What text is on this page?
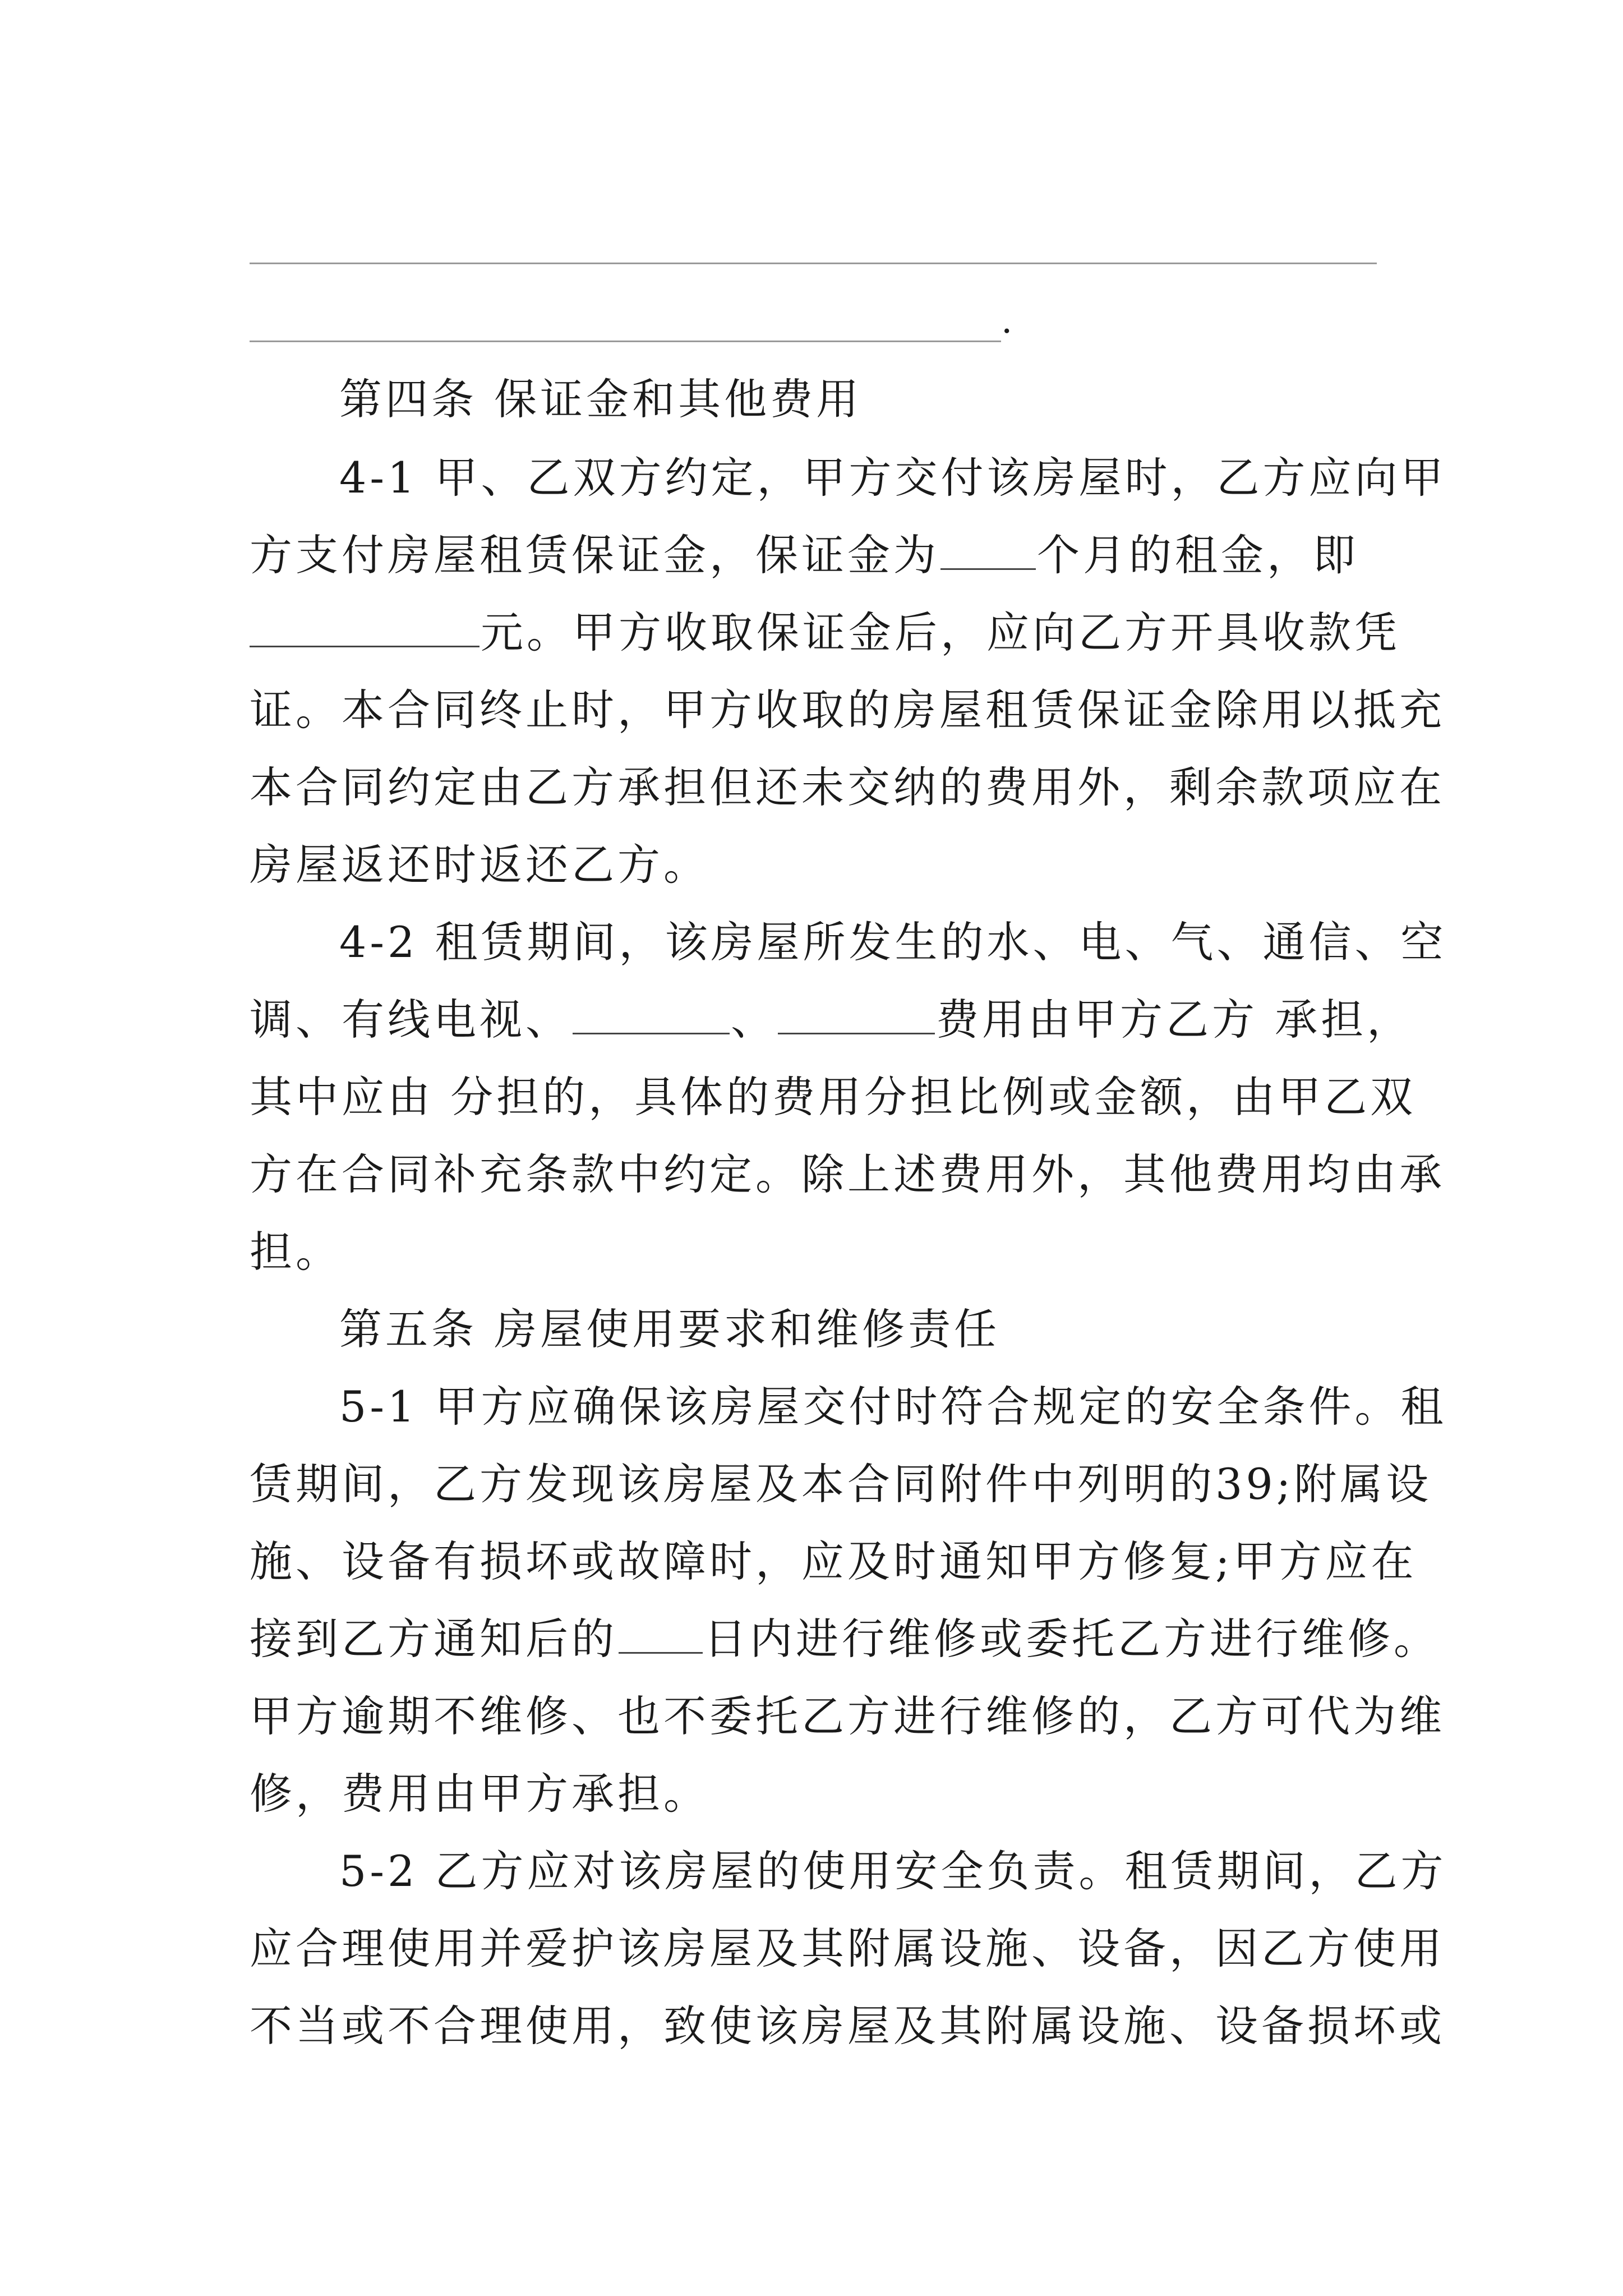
.
第四条 保证金和其他费用
4-1 甲、乙双方约定，甲方交付该房屋时，乙方应向甲
方支付房屋租赁保证金，保证金为 个月的租金，即
元。甲方收取保证金后，应向乙方开具收款凭
证。本合同终止时，甲方收取的房屋租赁保证金除用以抵充
本合同约定由乙方承担但还未交纳的费用外，剩余款项应在
房屋返还时返还乙方。
4-2 租赁期间，该房屋所发生的水、电、气、通信、空
调、有线电视、	、	费用由甲方乙方 承担，
其中应由 分担的，具体的费用分担比例或金额，由甲乙双
方在合同补充条款中约定。除上述费用外，其他费用均由承
担。
第五条 房屋使用要求和维修责任
5-1 甲方应确保该房屋交付时符合规定的安全条件。租
赁期间，乙方发现该房屋及本合同附件中列明的39;附属设
施、设备有损坏或故障时，应及时通知甲方修复;甲方应在
接到乙方通知后的 日内进行维修或委托乙方进行维修。
甲方逾期不维修、也不委托乙方进行维修的，乙方可代为维
修，费用由甲方承担。
5-2 乙方应对该房屋的使用安全负责。租赁期间，乙方
应合理使用并爱护该房屋及其附属设施、设备，因乙方使用
不当或不合理使用，致使该房屋及其附属设施、设备损坏或
